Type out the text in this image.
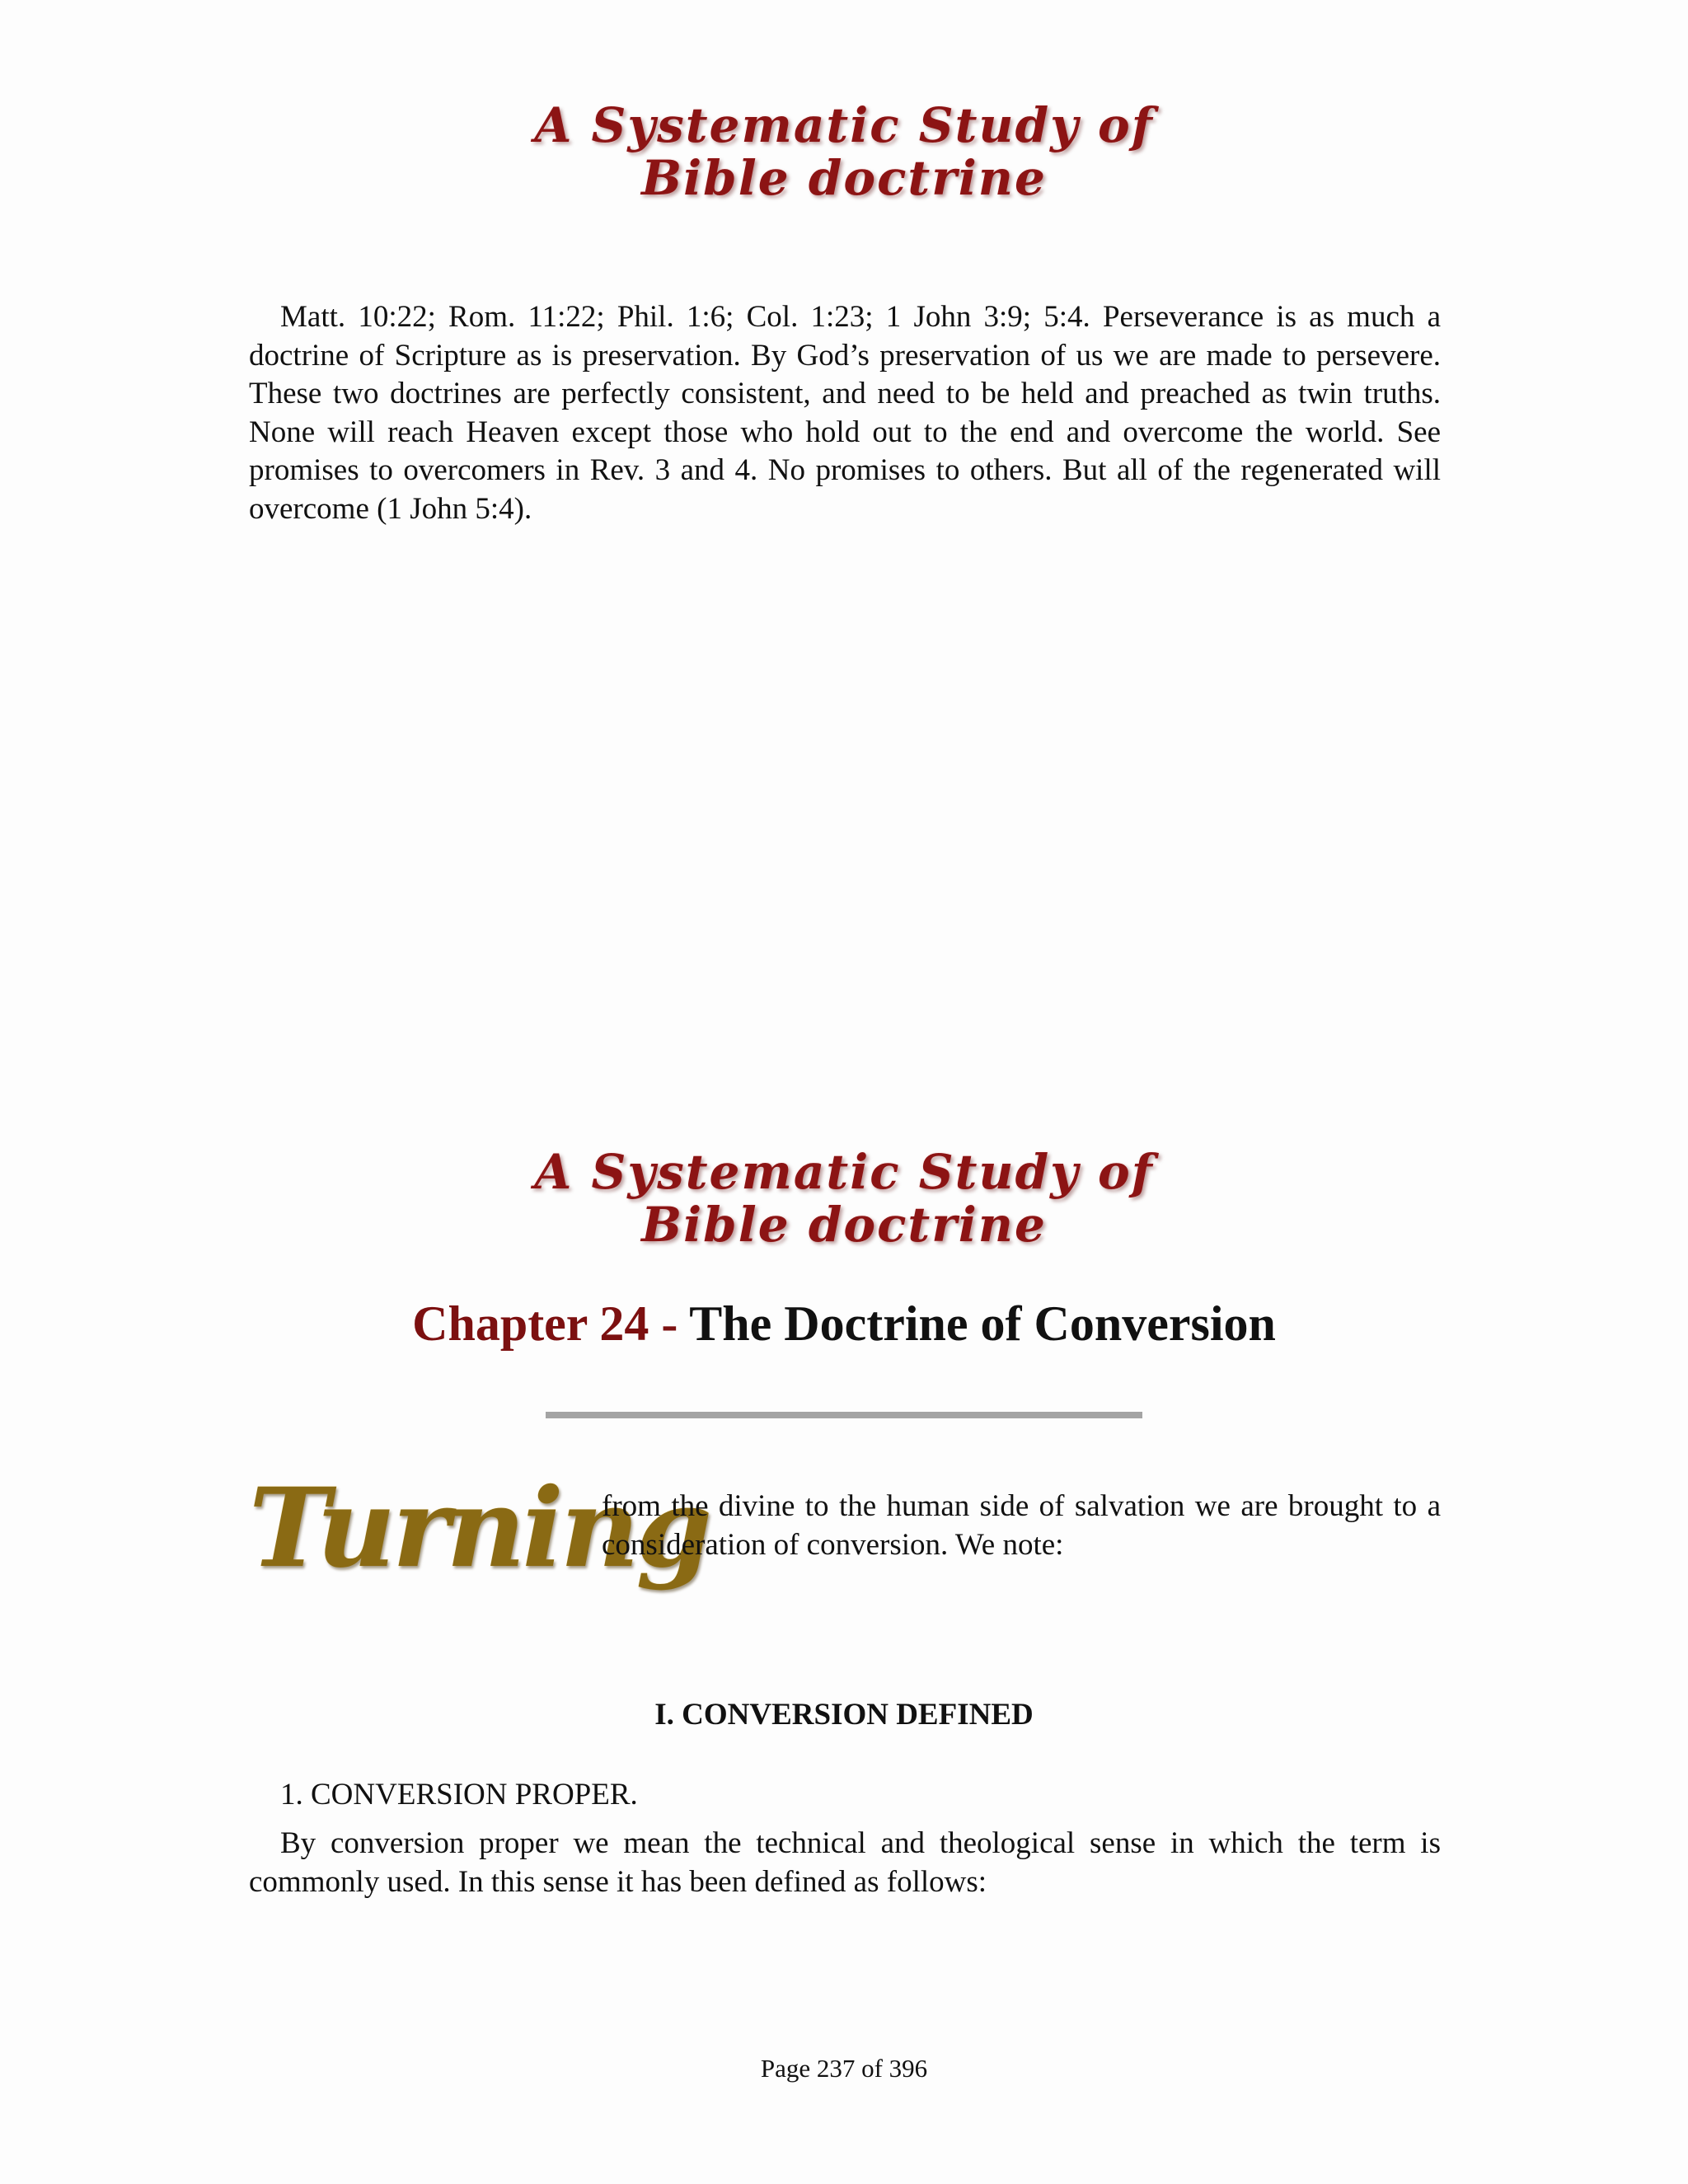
A Systematic Study of
Bible doctrine

Matt. 10:22; Rom. 11:22; Phil. 1:6; Col. 1:23; 1 John 3:9; 5:4. Perseverance is as much a doctrine of Scripture as is preservation. By God’s preservation of us we are made to persevere. These two doctrines are perfectly consistent, and need to be held and preached as twin truths. None will reach Heaven except those who hold out to the end and overcome the world. See promises to overcomers in Rev. 3 and 4. No promises to others. But all of the regenerated will overcome (1 John 5:4).

A Systematic Study of
Bible doctrine
Chapter 24 - The Doctrine of Conversion
Turning

from the divine to the human side of salvation we are brought to a consideration of conversion. We note:

I. CONVERSION DEFINED

1. CONVERSION PROPER.

By conversion proper we mean the technical and theological sense in which the term is commonly used. In this sense it has been defined as follows:

Page 237 of 396
